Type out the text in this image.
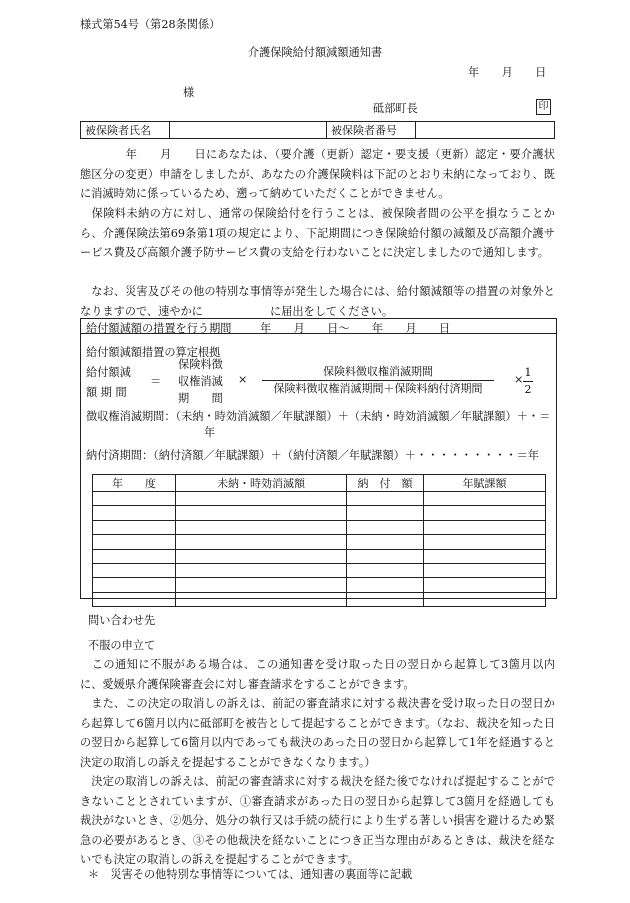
様式第54号（第28条関係）
介護保険給付額減額通知書
年　　月　　日
様
砥部町長	印
被保険者氏名		被保険者番号	
　　　　年　　月　　日にあなたは、（要介護（更新）認定・要支援（更新）認定・要介護状態区分の変更）申請をしましたが、あなたの介護保険料は下記のとおり未納になっており、既に消滅時効に係っているため、遡って納めていただくことができません。
　保険料未納の方に対し、通常の保険給付を行うことは、被保険者間の公平を損なうことから、介護保険法第69条第1項の規定により、下記期間につき保険給付額の減額及び高額介護サービス費及び高額介護予防サービス費の支給を行わないことに決定しましたので通知します。
　なお、災害及びその他の特別な事情等が発生した場合には、給付額減額等の措置の対象外となりますので、速やかに　　　　　　に届出をしてください。
給付額減額の措置を行う期間	年　　月　　日～　　年　　月　　日
給付額減額措置の算定根拠
給付額減
額 期 間
＝
保険料徴
収権消滅
期　　間
×
保険料徴収権消滅期間
保険料徴収権消滅期間＋保険料納付済期間
× $\frac{1}{2}$
徴収権消滅期間：（未納・時効消滅額／年賦課額）＋（未納・時効消滅額／年賦課額）＋・＝
年
納付済期間：（納付済額／年賦課額）＋（納付済額／年賦課額）＋・・・・・・・・・＝年
年　　度	未納・時効消滅額	納　付　額	年賦課額

問い合わせ先
不服の申立て
　この通知に不服がある場合は、この通知書を受け取った日の翌日から起算して3箇月以内に、愛媛県介護保険審査会に対し審査請求をすることができます。
　また、この決定の取消しの訴えは、前記の審査請求に対する裁決書を受け取った日の翌日から起算して6箇月以内に砥部町を被告として提起することができます。（なお、裁決を知った日の翌日から起算して6箇月以内であっても裁決のあった日の翌日から起算して1年を経過すると決定の取消しの訴えを提起することができなくなります。）
　決定の取消しの訴えは、前記の審査請求に対する裁決を経た後でなければ提起することができないこととされていますが、①審査請求があった日の翌日から起算して3箇月を経過しても裁決がないとき、②処分、処分の執行又は手続の続行により生ずる著しい損害を避けるため緊急の必要があるとき、③その他裁決を経ないことにつき正当な理由があるときは、裁決を経ないでも決定の取消しの訴えを提起することができます。
＊　災害その他特別な事情等については、通知書の裏面等に記載
